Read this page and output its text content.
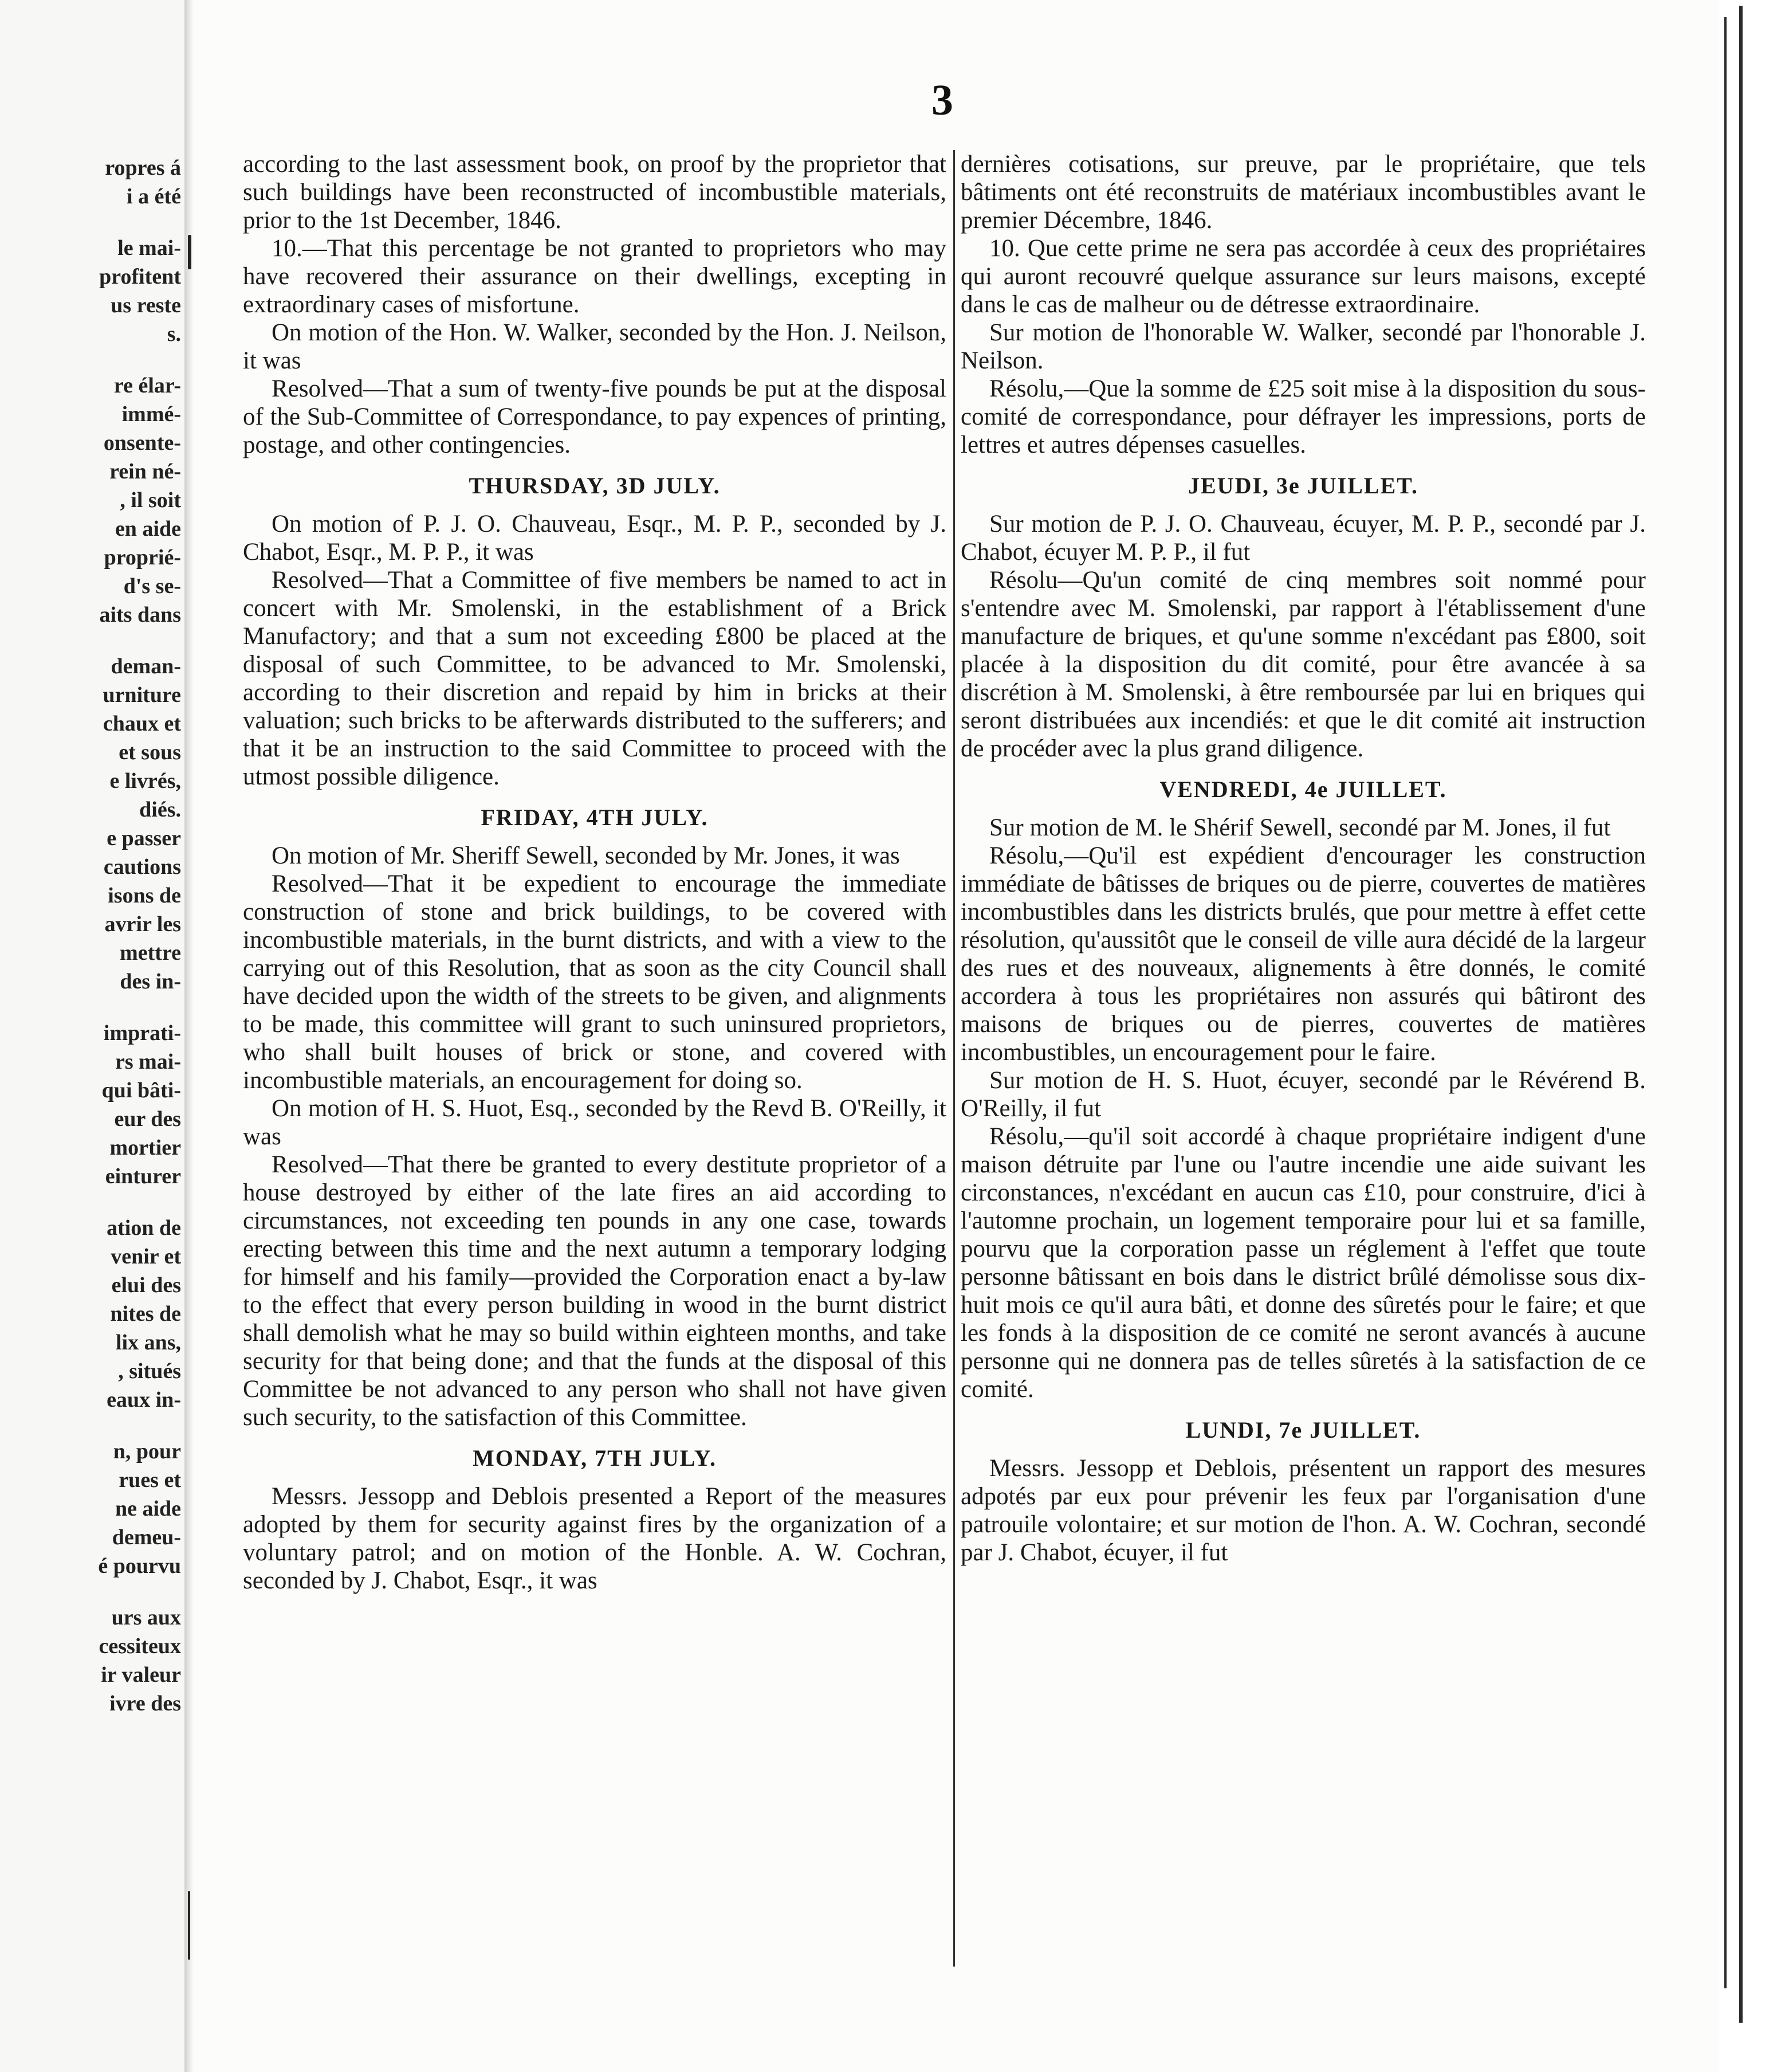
ropres á
i a été
le mai-
profitent
us reste
s.
re élar-
immé-
onsente-
rein né-
, il soit
en aide
proprié-
d's se-
aits dans
deman-
urniture
chaux et
et sous
e livrés,
diés.
e passer
cautions
isons de
avrir les
mettre
des in-
imprati-
rs mai-
qui bâti-
eur des
mortier
einturer
ation de
venir et
elui des
nites de
lix ans,
, situés
eaux in-
n, pour
rues et
ne aide
demeu-
é pourvu
urs aux
cessiteux
ir valeur
ivre des
3

according to the last assessment book, on proof by the proprietor that such buildings have been reconstructed of incombustible materials, prior to the 1st December, 1846.

10.—That this percentage be not granted to proprietors who may have recovered their assurance on their dwellings, excepting in extraordinary cases of misfortune.

On motion of the Hon. W. Walker, seconded by the Hon. J. Neilson, it was

Resolved—That a sum of twenty-five pounds be put at the disposal of the Sub-Committee of Correspondance, to pay expences of printing, postage, and other contingencies.

THURSDAY, 3D JULY.

On motion of P. J. O. Chauveau, Esqr., M. P. P., seconded by J. Chabot, Esqr., M. P. P., it was

Resolved—That a Committee of five members be named to act in concert with Mr. Smolenski, in the establishment of a Brick Manufactory; and that a sum not exceeding £800 be placed at the disposal of such Committee, to be advanced to Mr. Smolenski, according to their discretion and repaid by him in bricks at their valuation; such bricks to be afterwards distributed to the sufferers; and that it be an instruction to the said Committee to proceed with the utmost possible diligence.

FRIDAY, 4TH JULY.

On motion of Mr. Sheriff Sewell, seconded by Mr. Jones, it was

Resolved—That it be expedient to encourage the immediate construction of stone and brick buildings, to be covered with incombustible materials, in the burnt districts, and with a view to the carrying out of this Resolution, that as soon as the city Council shall have decided upon the width of the streets to be given, and alignments to be made, this committee will grant to such uninsured proprietors, who shall built houses of brick or stone, and covered with incombustible materials, an encouragement for doing so.

On motion of H. S. Huot, Esq., seconded by the Revd B. O'Reilly, it was

Resolved—That there be granted to every destitute proprietor of a house destroyed by either of the late fires an aid according to circumstances, not exceeding ten pounds in any one case, towards erecting between this time and the next autumn a temporary lodging for himself and his family—provided the Corporation enact a by-law to the effect that every person building in wood in the burnt district shall demolish what he may so build within eighteen months, and take security for that being done; and that the funds at the disposal of this Committee be not advanced to any person who shall not have given such security, to the satisfaction of this Committee.

MONDAY, 7TH JULY.

Messrs. Jessopp and Deblois presented a Report of the measures adopted by them for security against fires by the organization of a voluntary patrol; and on motion of the Honble. A. W. Cochran, seconded by J. Chabot, Esqr., it was

dernières cotisations, sur preuve, par le propriétaire, que tels bâtiments ont été reconstruits de matériaux incombustibles avant le premier Décembre, 1846.

10. Que cette prime ne sera pas accordée à ceux des propriétaires qui auront recouvré quelque assurance sur leurs maisons, excepté dans le cas de malheur ou de détresse extraordinaire.

Sur motion de l'honorable W. Walker, secondé par l'honorable J. Neilson.

Résolu,—Que la somme de £25 soit mise à la disposition du sous-comité de correspondance, pour défrayer les impressions, ports de lettres et autres dépenses casuelles.

JEUDI, 3e JUILLET.

Sur motion de P. J. O. Chauveau, écuyer, M. P. P., secondé par J. Chabot, écuyer M. P. P., il fut

Résolu—Qu'un comité de cinq membres soit nommé pour s'entendre avec M. Smolenski, par rapport à l'établissement d'une manufacture de briques, et qu'une somme n'excédant pas £800, soit placée à la disposition du dit comité, pour être avancée à sa discrétion à M. Smolenski, à être remboursée par lui en briques qui seront distribuées aux incendiés: et que le dit comité ait instruction de procéder avec la plus grand diligence.

VENDREDI, 4e JUILLET.

Sur motion de M. le Shérif Sewell, secondé par M. Jones, il fut

Résolu,—Qu'il est expédient d'encourager les construction immédiate de bâtisses de briques ou de pierre, couvertes de matières incombustibles dans les districts brulés, que pour mettre à effet cette résolution, qu'aussitôt que le conseil de ville aura décidé de la largeur des rues et des nouveaux, alignements à être donnés, le comité accordera à tous les propriétaires non assurés qui bâtiront des maisons de briques ou de pierres, couvertes de matières incombustibles, un encouragement pour le faire.

Sur motion de H. S. Huot, écuyer, secondé par le Révérend B. O'Reilly, il fut

Résolu,—qu'il soit accordé à chaque propriétaire indigent d'une maison détruite par l'une ou l'autre incendie une aide suivant les circonstances, n'excédant en aucun cas £10, pour construire, d'ici à l'automne prochain, un logement temporaire pour lui et sa famille, pourvu que la corporation passe un réglement à l'effet que toute personne bâtissant en bois dans le district brûlé démolisse sous dix-huit mois ce qu'il aura bâti, et donne des sûretés pour le faire; et que les fonds à la disposition de ce comité ne seront avancés à aucune personne qui ne donnera pas de telles sûretés à la satisfaction de ce comité.

LUNDI, 7e JUILLET.

Messrs. Jessopp et Deblois, présentent un rapport des mesures adpotés par eux pour prévenir les feux par l'organisation d'une patrouile volontaire; et sur motion de l'hon. A. W. Cochran, secondé par J. Chabot, écuyer, il fut
